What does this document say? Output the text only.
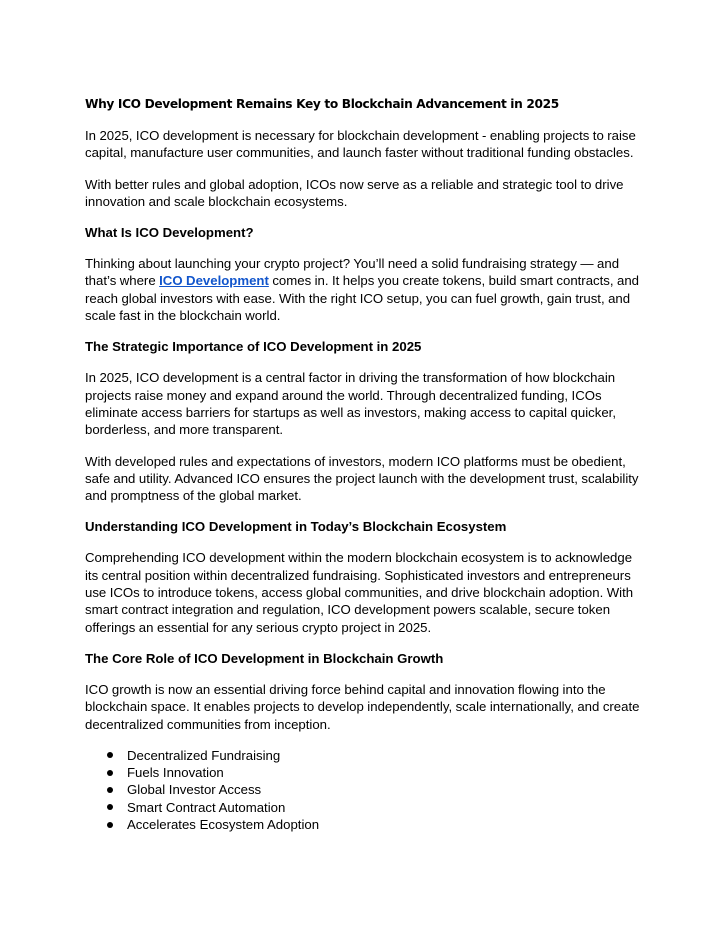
Why ICO Development Remains Key to Blockchain Advancement in 2025

In 2025, ICO development is necessary for blockchain development - enabling projects to raise capital, manufacture user communities, and launch faster without traditional funding obstacles.

With better rules and global adoption, ICOs now serve as a reliable and strategic tool to drive innovation and scale blockchain ecosystems.

What Is ICO Development?

Thinking about launching your crypto project? You’ll need a solid fundraising strategy — and that’s where ICO Development comes in. It helps you create tokens, build smart contracts, and reach global investors with ease. With the right ICO setup, you can fuel growth, gain trust, and scale fast in the blockchain world.

The Strategic Importance of ICO Development in 2025

In 2025, ICO development is a central factor in driving the transformation of how blockchain projects raise money and expand around the world. Through decentralized funding, ICOs eliminate access barriers for startups as well as investors, making access to capital quicker, borderless, and more transparent.

With developed rules and expectations of investors, modern ICO platforms must be obedient, safe and utility. Advanced ICO ensures the project launch with the development trust, scalability and promptness of the global market.

Understanding ICO Development in Today’s Blockchain Ecosystem

Comprehending ICO development within the modern blockchain ecosystem is to acknowledge its central position within decentralized fundraising. Sophisticated investors and entrepreneurs use ICOs to introduce tokens, access global communities, and drive blockchain adoption. With smart contract integration and regulation, ICO development powers scalable, secure token offerings an essential for any serious crypto project in 2025.

The Core Role of ICO Development in Blockchain Growth

ICO growth is now an essential driving force behind capital and innovation flowing into the blockchain space. It enables projects to develop independently, scale internationally, and create decentralized communities from inception.

Decentralized Fundraising
Fuels Innovation
Global Investor Access
Smart Contract Automation
Accelerates Ecosystem Adoption
